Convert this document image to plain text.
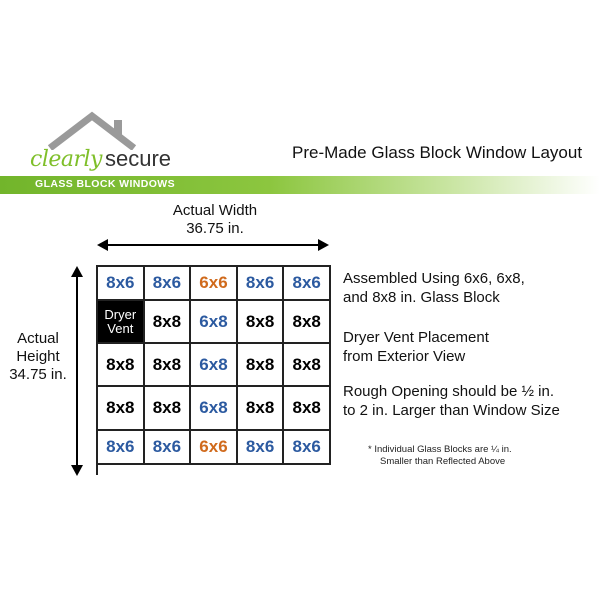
clearly secure	Pre-Made Glass Block Window Layout
GLASS BLOCK WINDOWS
Actual Width
36.75 in.
Actual
Height
34.75 in.
8x6	8x6	6x6	8x6	8x6
Dryer Vent	8x8	6x8	8x8	8x8
8x8	8x8	6x8	8x8	8x8
8x8	8x8	6x8	8x8	8x8
8x6	8x6	6x6	8x6	8x6
Assembled Using 6x6, 6x8,
and 8x8 in. Glass Block
Dryer Vent Placement
from Exterior View
Rough Opening should be ½ in.
to 2 in. Larger than Window Size
* Individual Glass Blocks are ¼ in.
Smaller than Reflected Above
